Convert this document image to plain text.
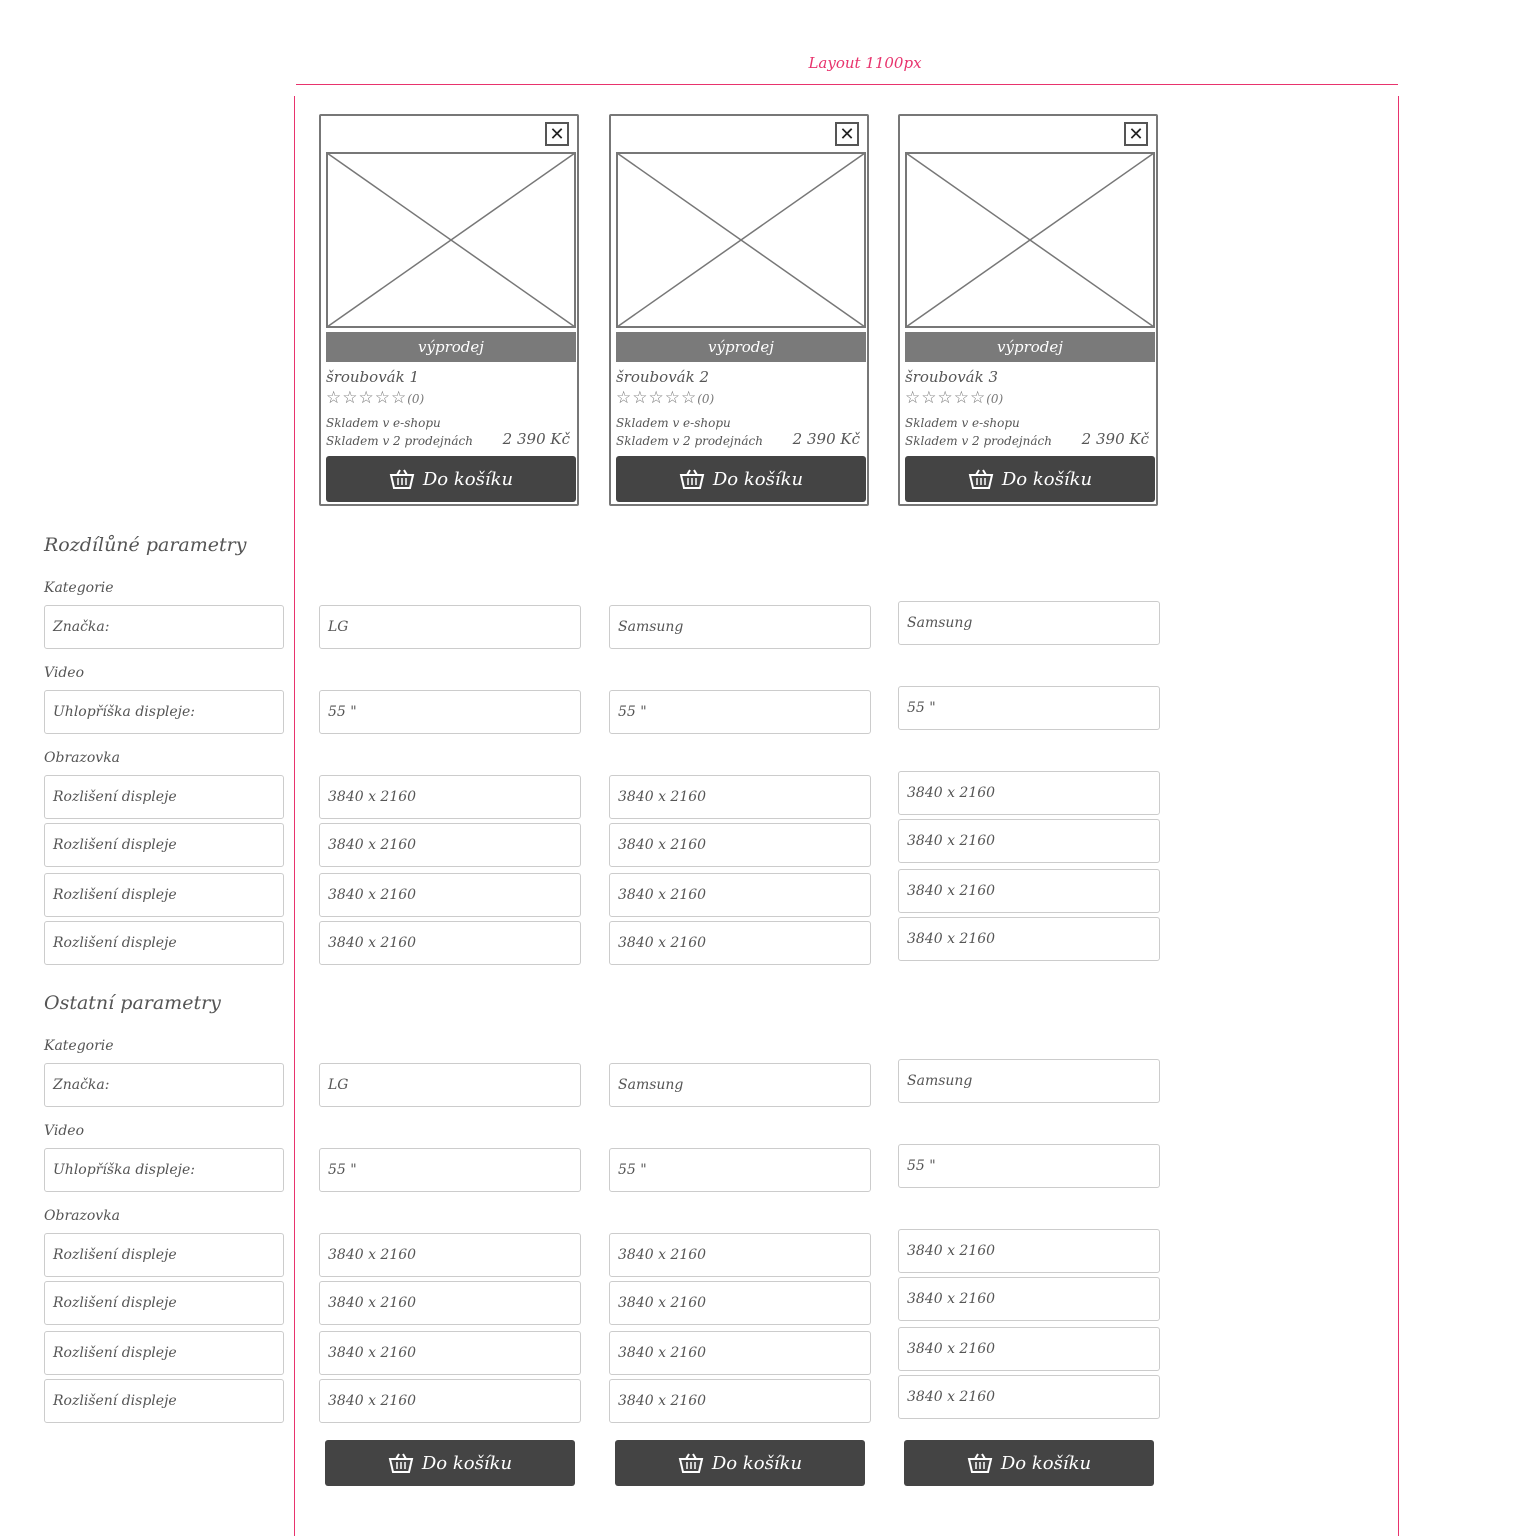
Layout 1100px
✕
výprodej
šroubovák 1
☆☆☆☆☆(0)
Skladem v e-shopu
Skladem v 2 prodejnách 2 390 Kč
Do košíku
✕
výprodej
šroubovák 2
☆☆☆☆☆(0)
Skladem v e-shopu
Skladem v 2 prodejnách 2 390 Kč
Do košíku
✕
výprodej
šroubovák 3
☆☆☆☆☆(0)
Skladem v e-shopu
Skladem v 2 prodejnách 2 390 Kč
Do košíku
Rozdílůné parametry
Kategorie
Značka:	LG	Samsung	Samsung
Video
Uhlopříška displeje:	55 "	55 "	55 "
Obrazovka
Rozlišení displeje	3840 x 2160	3840 x 2160	3840 x 2160
Rozlišení displeje	3840 x 2160	3840 x 2160	3840 x 2160
Rozlišení displeje	3840 x 2160	3840 x 2160	3840 x 2160
Rozlišení displeje	3840 x 2160	3840 x 2160	3840 x 2160
Ostatní parametry
Kategorie
Značka:	LG	Samsung	Samsung
Video
Uhlopříška displeje:	55 "	55 "	55 "
Obrazovka
Rozlišení displeje	3840 x 2160	3840 x 2160	3840 x 2160
Rozlišení displeje	3840 x 2160	3840 x 2160	3840 x 2160
Rozlišení displeje	3840 x 2160	3840 x 2160	3840 x 2160
Rozlišení displeje	3840 x 2160	3840 x 2160	3840 x 2160
Do košíku	Do košíku	Do košíku
